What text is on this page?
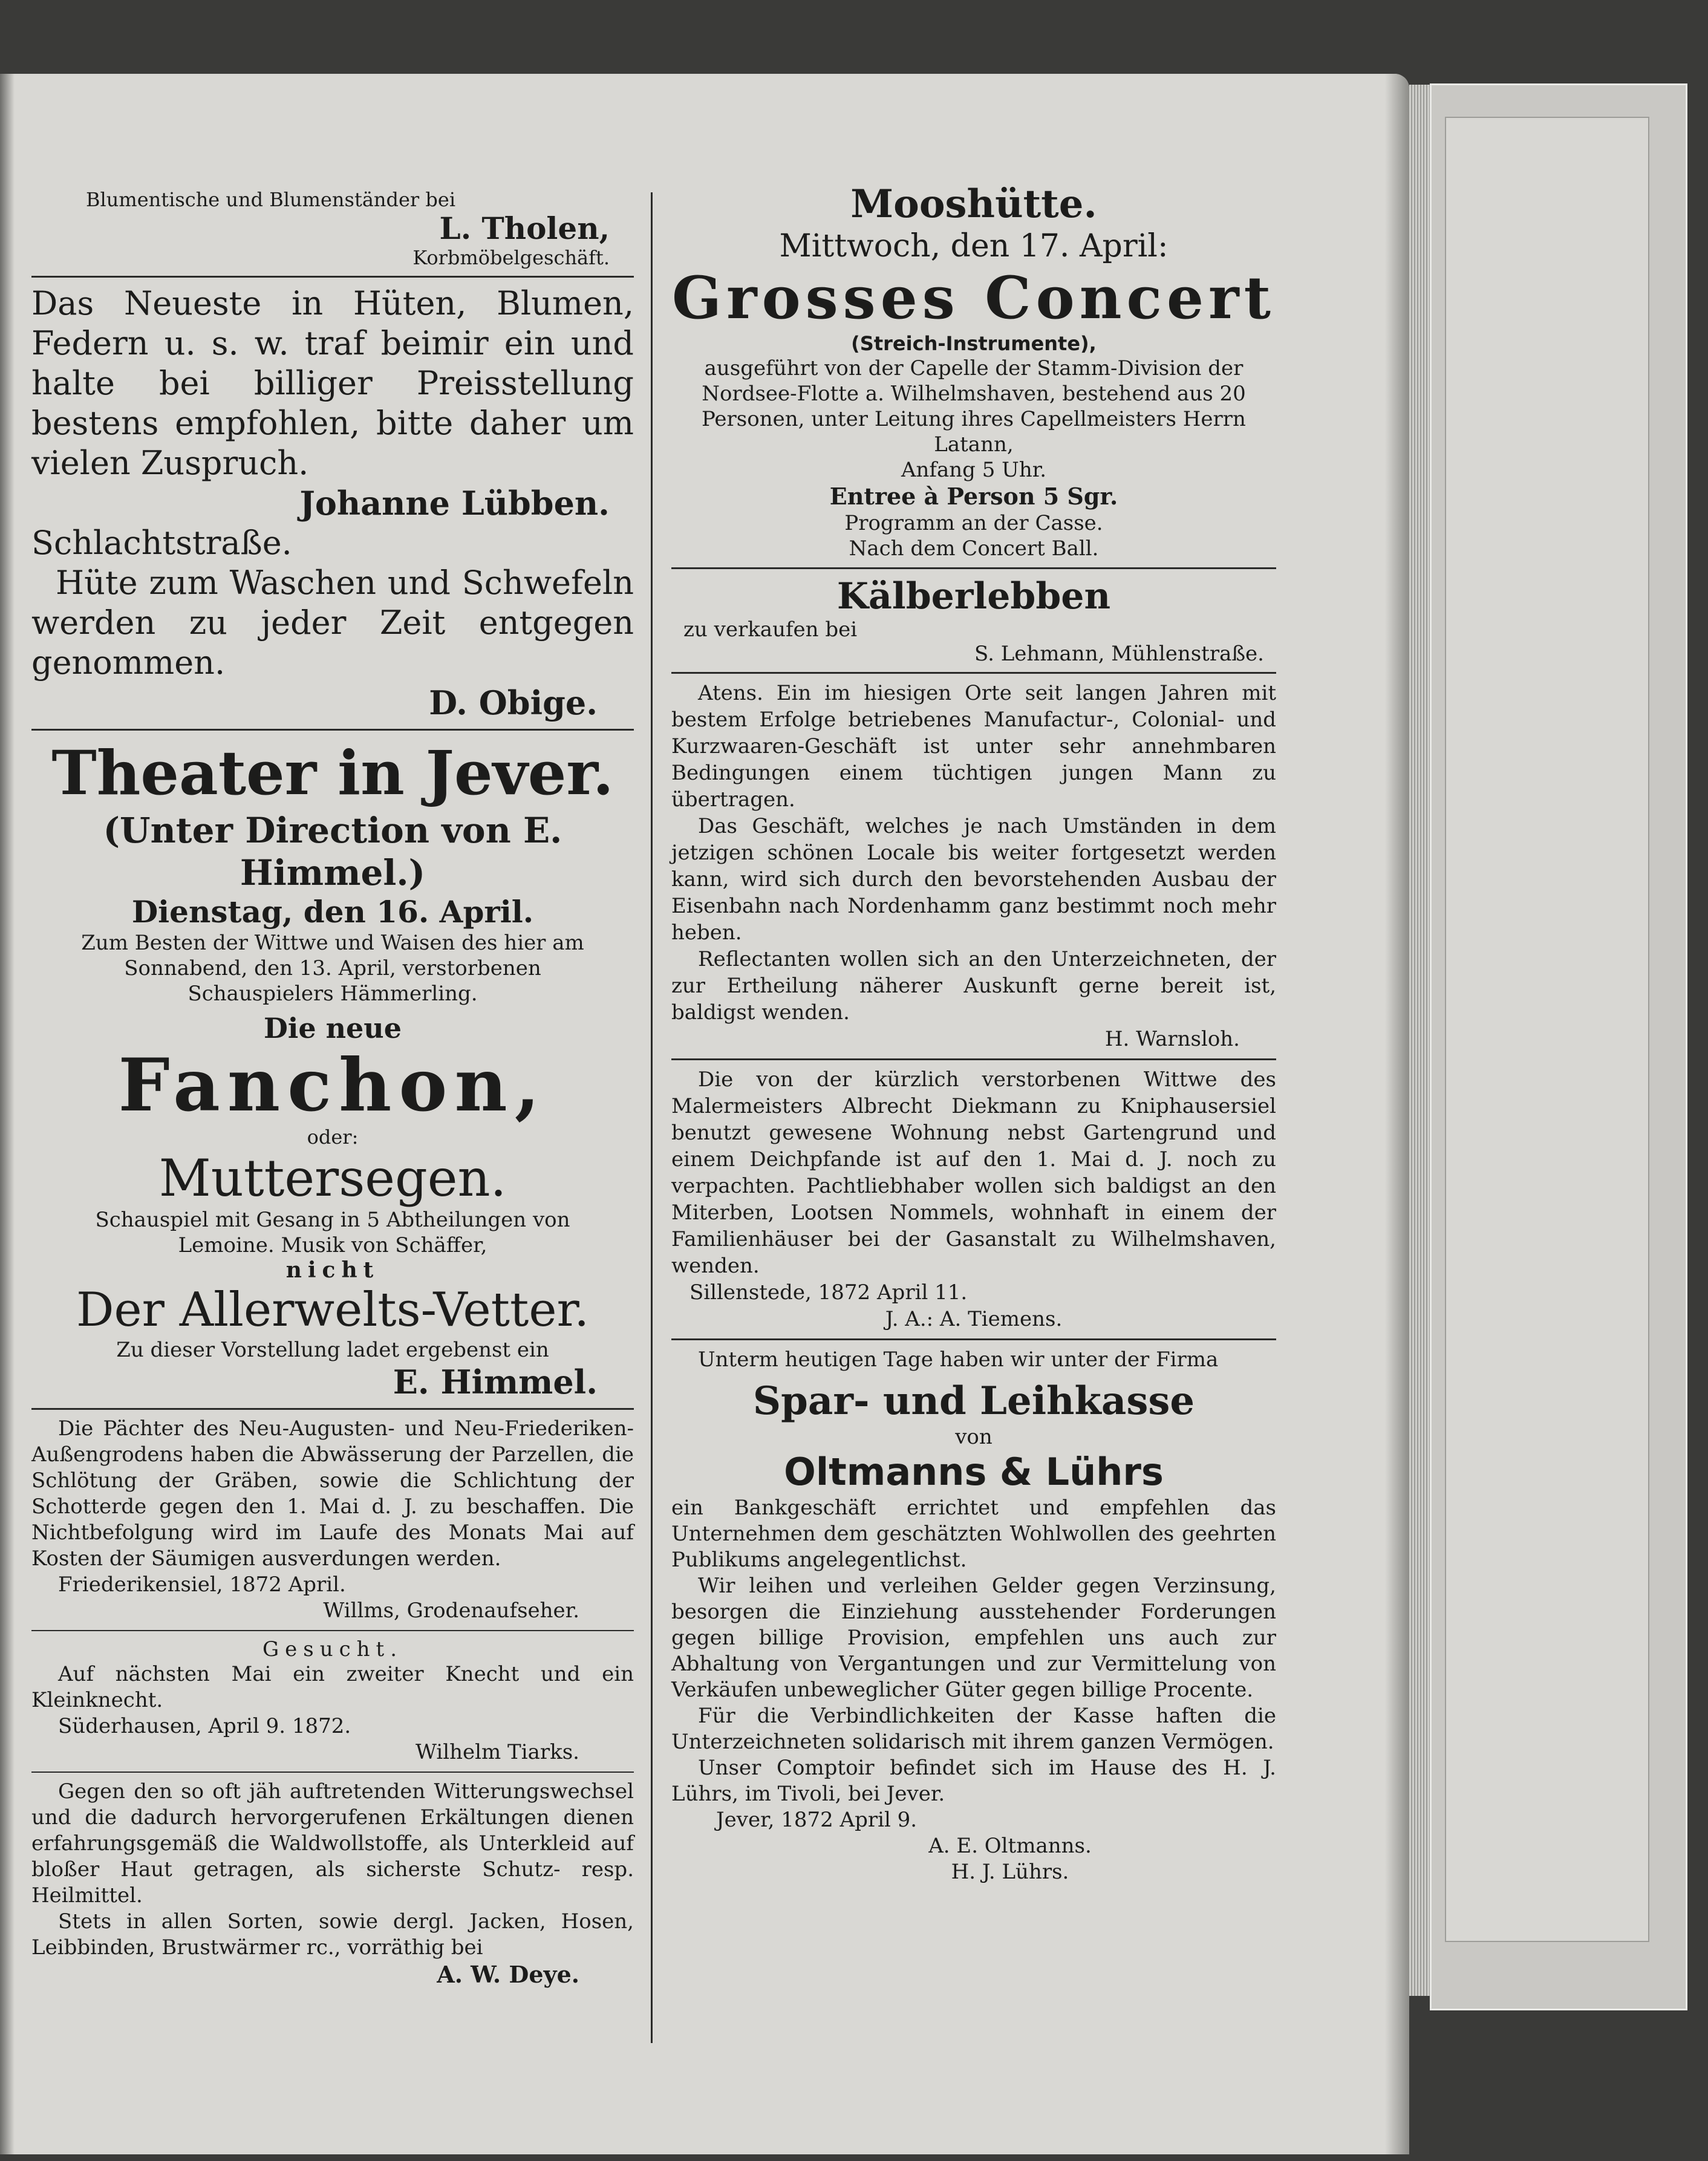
Blumentische und Blumenständer bei

L. Tholen,

Korbmöbelgeschäft.

Das Neueste in Hüten, Blumen, Federn u. s. w. traf beimir ein und halte bei billiger Preisstellung bestens empfohlen, bitte daher um vielen Zuspruch.

Johanne Lübben.

Schlachtstraße.

Hüte zum Waschen und Schwefeln werden zu jeder Zeit entgegen genommen.

D. Obige.

Theater in Jever.

(Unter Direction von E. Himmel.)

Dienstag, den 16. April.

Zum Besten der Wittwe und Waisen des hier am Sonnabend, den 13. April, verstorbenen Schauspielers Hämmerling.

Die neue

Fanchon,

oder:

Muttersegen.

Schauspiel mit Gesang in 5 Abtheilungen von Lemoine. Musik von Schäffer,

nicht

Der Allerwelts-Vetter.

Zu dieser Vorstellung ladet ergebenst ein

E. Himmel.

Die Pächter des Neu-Augusten- und Neu-Friederiken-Außengrodens haben die Abwässerung der Parzellen, die Schlötung der Gräben, sowie die Schlichtung der Schotterde gegen den 1. Mai d. J. zu beschaffen. Die Nichtbefolgung wird im Laufe des Monats Mai auf Kosten der Säumigen ausverdungen werden.

Friederikensiel, 1872 April.

Willms, Grodenaufseher.

Gesucht.

Auf nächsten Mai ein zweiter Knecht und ein Kleinknecht.

Süderhausen, April 9. 1872.

Wilhelm Tiarks.

Gegen den so oft jäh auftretenden Witterungswechsel und die dadurch hervorgerufenen Erkältungen dienen erfahrungsgemäß die Waldwollstoffe, als Unterkleid auf bloßer Haut getragen, als sicherste Schutz- resp. Heilmittel.

Stets in allen Sorten, sowie dergl. Jacken, Hosen, Leibbinden, Brustwärmer rc., vorräthig bei

A. W. Deye.

Mooshütte.

Mittwoch, den 17. April:

Grosses Concert

(Streich-Instrumente),

ausgeführt von der Capelle der Stamm-Division der Nordsee-Flotte a. Wilhelmshaven, bestehend aus 20 Personen, unter Leitung ihres Capellmeisters Herrn Latann,

Anfang 5 Uhr.

Entree à Person 5 Sgr.

Programm an der Casse.

Nach dem Concert Ball.

Kälberlebben

zu verkaufen bei

S. Lehmann, Mühlenstraße.

Atens. Ein im hiesigen Orte seit langen Jahren mit bestem Erfolge betriebenes Manufactur-, Colonial- und Kurzwaaren-Geschäft ist unter sehr annehmbaren Bedingungen einem tüchtigen jungen Mann zu übertragen.

Das Geschäft, welches je nach Umständen in dem jetzigen schönen Locale bis weiter fortgesetzt werden kann, wird sich durch den bevorstehenden Ausbau der Eisenbahn nach Nordenhamm ganz bestimmt noch mehr heben.

Reflectanten wollen sich an den Unterzeichneten, der zur Ertheilung näherer Auskunft gerne bereit ist, baldigst wenden.

H. Warnsloh.

Die von der kürzlich verstorbenen Wittwe des Malermeisters Albrecht Diekmann zu Kniphausersiel benutzt gewesene Wohnung nebst Gartengrund und einem Deichpfande ist auf den 1. Mai d. J. noch zu verpachten. Pachtliebhaber wollen sich baldigst an den Miterben, Lootsen Nommels, wohnhaft in einem der Familienhäuser bei der Gasanstalt zu Wilhelmshaven, wenden.

Sillenstede, 1872 April 11.

J. A.: A. Tiemens.

Unterm heutigen Tage haben wir unter der Firma

Spar- und Leihkasse

von

Oltmanns & Lührs

ein Bankgeschäft errichtet und empfehlen das Unternehmen dem geschätzten Wohlwollen des geehrten Publikums angelegentlichst.

Wir leihen und verleihen Gelder gegen Verzinsung, besorgen die Einziehung ausstehender Forderungen gegen billige Provision, empfehlen uns auch zur Abhaltung von Vergantungen und zur Vermittelung von Verkäufen unbeweglicher Güter gegen billige Procente.

Für die Verbindlichkeiten der Kasse haften die Unterzeichneten solidarisch mit ihrem ganzen Vermögen.

Unser Comptoir befindet sich im Hause des H. J. Lührs, im Tivoli, bei Jever.

Jever, 1872 April 9.

A. E. Oltmanns.

H. J. Lührs.
